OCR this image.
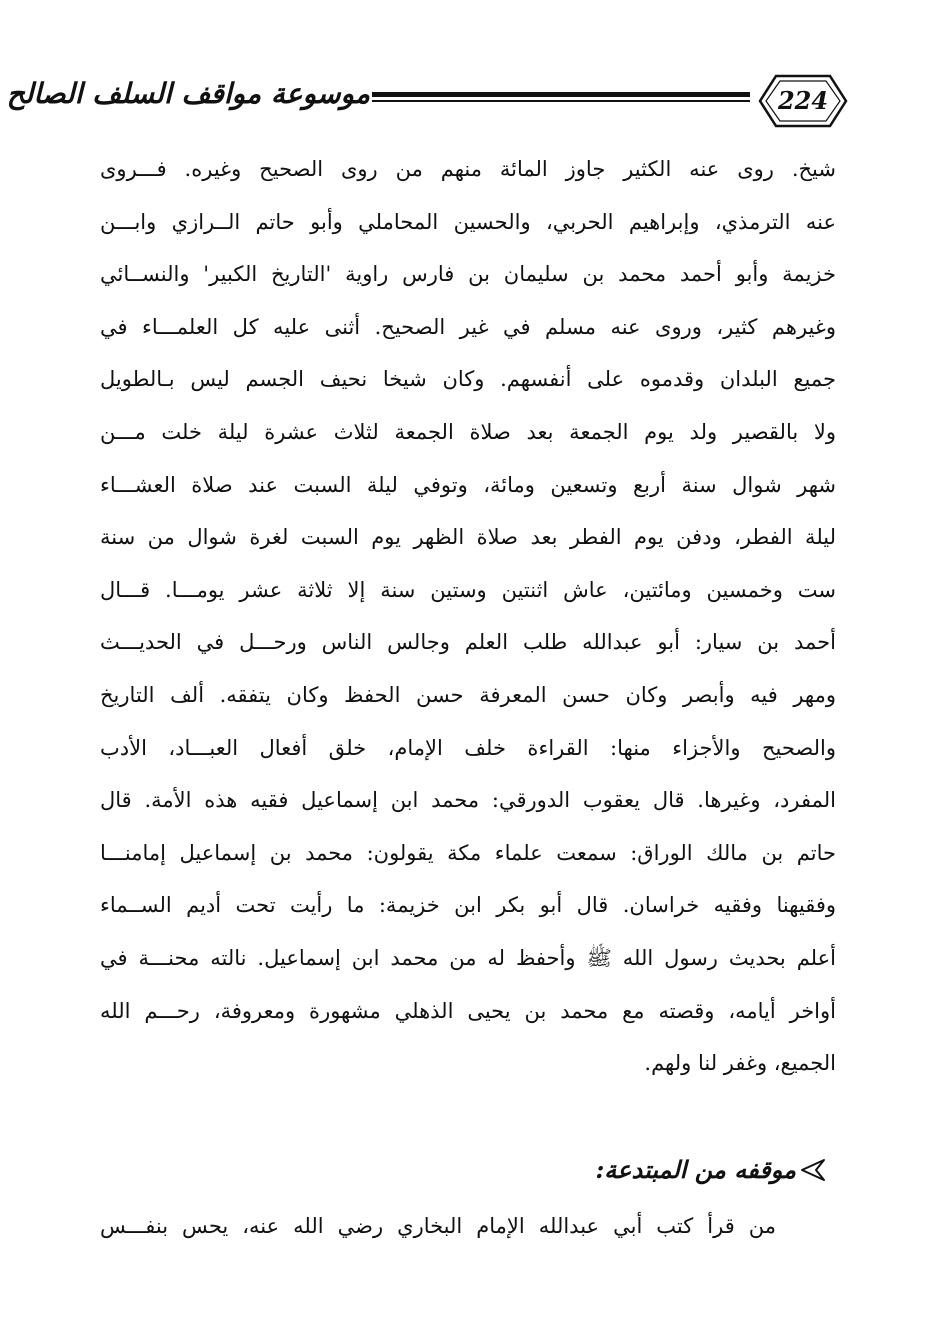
موسوعة مواقف السلف الصالح	224
شيخ. روى عنه الكثير جاوز المائة منهم من روى الصحيح وغيره. فـــروى
عنه الترمذي، وإبراهيم الحربي، والحسين المحاملي وأبو حاتم الــرازي وابـــن
خزيمة وأبو أحمد محمد بن سليمان بن فارس راوية 'التاريخ الكبير' والنســائي
وغيرهم كثير، وروى عنه مسلم في غير الصحيح. أثنى عليه كل العلمـــاء في
جميع البلدان وقدموه على أنفسهم. وكان شيخا نحيف الجسم ليس بـالطويل
ولا بالقصير ولد يوم الجمعة بعد صلاة الجمعة لثلاث عشرة ليلة خلت مـــن
شهر شوال سنة أربع وتسعين ومائة، وتوفي ليلة السبت عند صلاة العشـــاء
ليلة الفطر، ودفن يوم الفطر بعد صلاة الظهر يوم السبت لغرة شوال من سنة
ست وخمسين ومائتين، عاش اثنتين وستين سنة إلا ثلاثة عشر يومـــا. قـــال
أحمد بن سيار: أبو عبدالله طلب العلم وجالس الناس ورحـــل في الحديـــث
ومهر فيه وأبصر وكان حسن المعرفة حسن الحفظ وكان يتفقه. ألف التاريخ
والصحيح والأجزاء منها: القراءة خلف الإمام، خلق أفعال العبـــاد، الأدب
المفرد، وغيرها. قال يعقوب الدورقي: محمد ابن إسماعيل فقيه هذه الأمة. قال
حاتم بن مالك الوراق: سمعت علماء مكة يقولون: محمد بن إسماعيل إمامنـــا
وفقيهنا وفقيه خراسان. قال أبو بكر ابن خزيمة: ما رأيت تحت أديم الســماء
أعلم بحديث رسول الله ﷺ وأحفظ له من محمد ابن إسماعيل. نالته محنـــة في
أواخر أيامه، وقصته مع محمد بن يحيى الذهلي مشهورة ومعروفة، رحـــم الله
الجميع، وغفر لنا ولهم.
موقفه من المبتدعة:
من قرأ كتب أبي عبدالله الإمام البخاري رضي الله عنه، يحس بنفـــس
